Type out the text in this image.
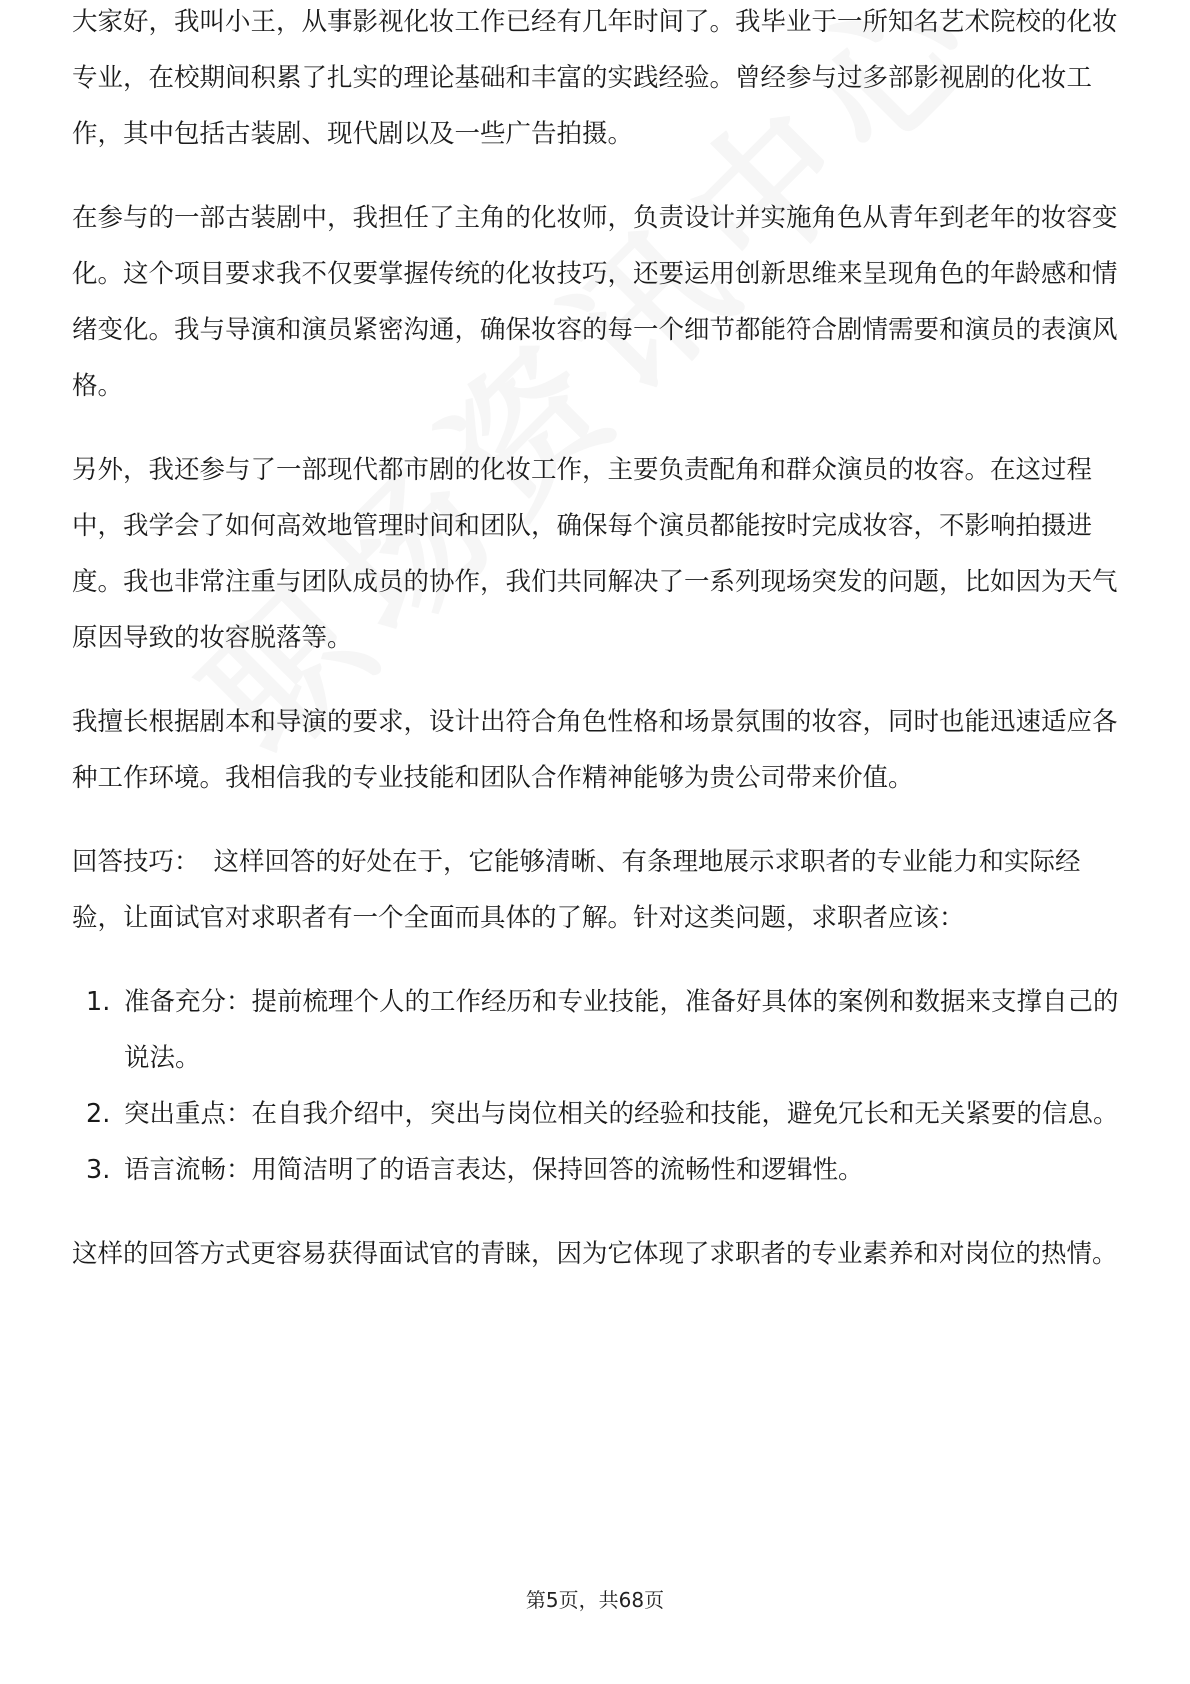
大家好，我叫小王，从事影视化妆工作已经有几年时间了。我毕业于一所知名艺术院校的化妆专业，在校期间积累了扎实的理论基础和丰富的实践经验。曾经参与过多部影视剧的化妆工作，其中包括古装剧、现代剧以及一些广告拍摄。

在参与的一部古装剧中，我担任了主角的化妆师，负责设计并实施角色从青年到老年的妆容变化。这个项目要求我不仅要掌握传统的化妆技巧，还要运用创新思维来呈现角色的年龄感和情绪变化。我与导演和演员紧密沟通，确保妆容的每一个细节都能符合剧情需要和演员的表演风格。

另外，我还参与了一部现代都市剧的化妆工作，主要负责配角和群众演员的妆容。在这过程中，我学会了如何高效地管理时间和团队，确保每个演员都能按时完成妆容，不影响拍摄进度。我也非常注重与团队成员的协作，我们共同解决了一系列现场突发的问题，比如因为天气原因导致的妆容脱落等。

我擅长根据剧本和导演的要求，设计出符合角色性格和场景氛围的妆容，同时也能迅速适应各种工作环境。我相信我的专业技能和团队合作精神能够为贵公司带来价值。

回答技巧： 这样回答的好处在于，它能够清晰、有条理地展示求职者的专业能力和实际经验，让面试官对求职者有一个全面而具体的了解。针对这类问题，求职者应该：

1. 准备充分：提前梳理个人的工作经历和专业技能，准备好具体的案例和数据来支撑自己的说法。
2. 突出重点：在自我介绍中，突出与岗位相关的经验和技能，避免冗长和无关紧要的信息。
3. 语言流畅：用简洁明了的语言表达，保持回答的流畅性和逻辑性。

这样的回答方式更容易获得面试官的青睐，因为它体现了求职者的专业素养和对岗位的热情。

第5页，共68页
